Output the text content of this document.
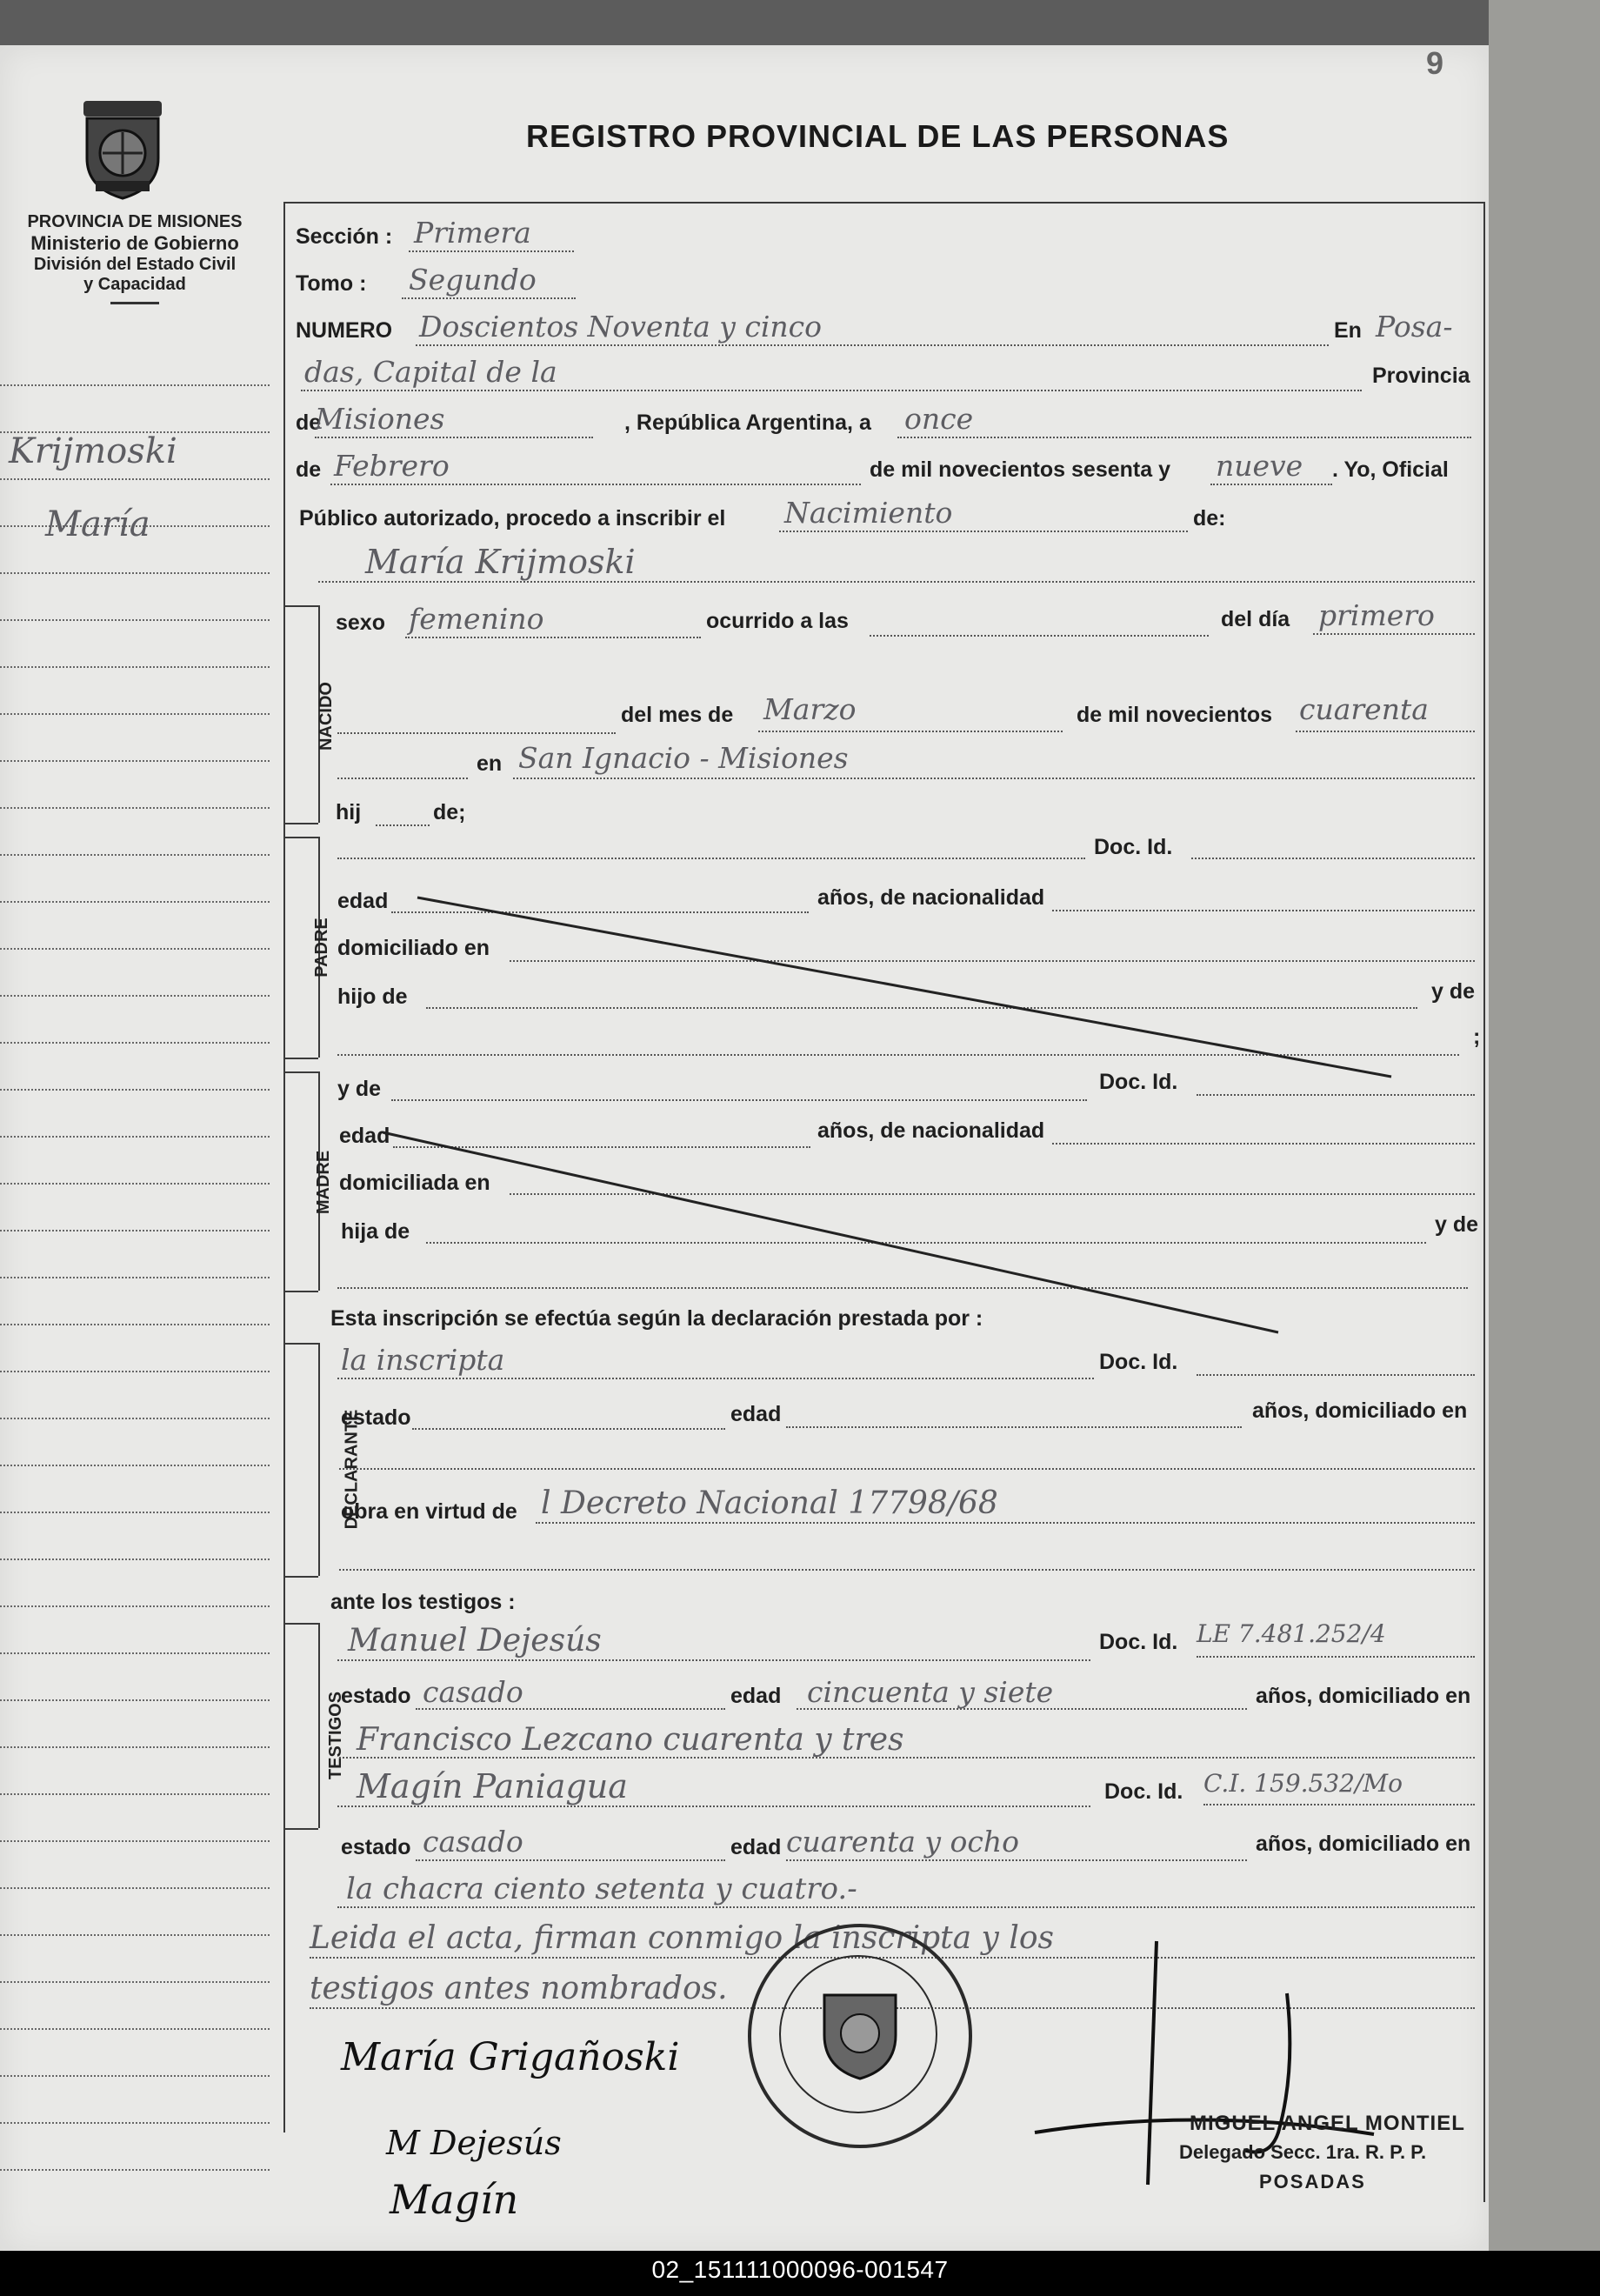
9
PROVINCIA DE MISIONES
Ministerio de Gobierno
División del Estado Civil
y Capacidad
REGISTRO PROVINCIAL DE LAS PERSONAS
Krijmoski
María
Sección : Primera
Tomo : Segundo
NUMERO Doscientos Noventa y cinco	En Posa-
das, Capital de la	Provincia
de
Misiones	, República Argentina, a once
de Febrero	de mil novecientos sesenta y nueve . Yo, Oficial
Público autorizado, procedo a inscribir el Nacimiento	de:
María Krijmoski
NACIDO
PADRE
MADRE
DECLARANTE
TESTIGOS
sexo femenino	ocurrido a las	del día primero
del mes de Marzo	de mil novecientos cuarenta
en San Ignacio - Misiones
hij	de;
Doc. Id.
edad	años, de nacionalidad
domiciliado en
hijo de	y de
;
y de	Doc. Id.
edad	años, de nacionalidad
domiciliada en
hija de	y de
Esta inscripción se efectúa según la declaración prestada por :
la inscripta	Doc. Id.
estado	edad	años, domiciliado en
obra en virtud de l Decreto Nacional 17798/68
ante los testigos :
Manuel Dejesús	Doc. Id. LE 7.481.252/4
estado casado	edad cincuenta y siete	años, domiciliado en
Francisco Lezcano cuarenta y tres
Magín Paniagua	Doc. Id. C.I. 159.532/Mo
estado casado	edad cuarenta y ocho	años, domiciliado en
la chacra ciento setenta y cuatro.-
Leida el acta, firman conmigo la inscripta y los
testigos antes nombrados.
María Grigañoski
M Dejesús
Magín
MIGUEL ANGEL MONTIEL
Delegado Secc. 1ra. R. P. P.
POSADAS
02_151111000096-001547
